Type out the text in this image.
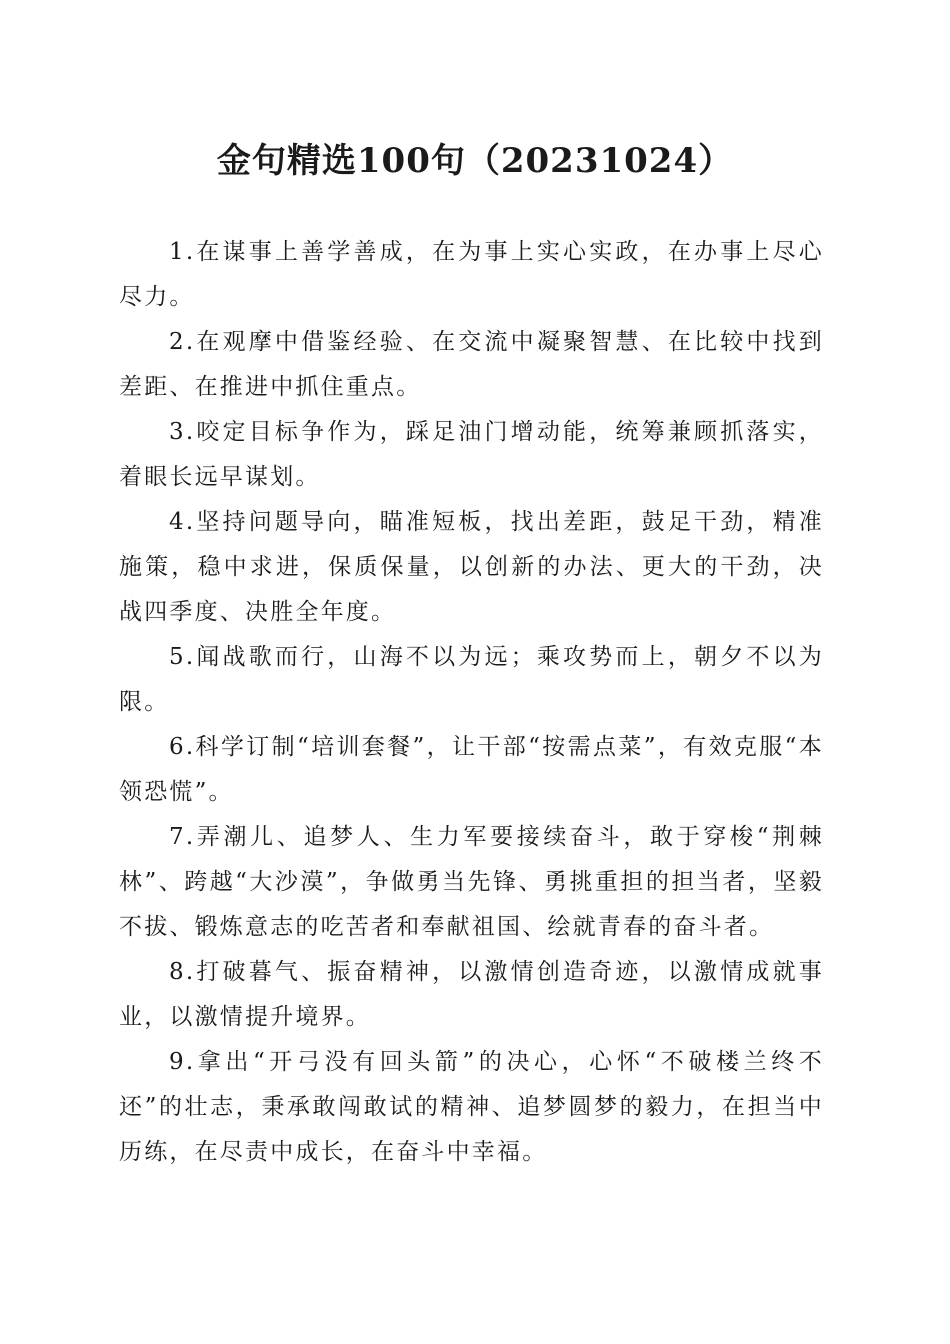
金句精选100句（20231024）

1.在谋事上善学善成，在为事上实心实政，在办事上尽心尽力。

2.在观摩中借鉴经验、在交流中凝聚智慧、在比较中找到差距、在推进中抓住重点。

3.咬定目标争作为，踩足油门增动能，统筹兼顾抓落实，着眼长远早谋划。

4.坚持问题导向，瞄准短板，找出差距，鼓足干劲，精准施策，稳中求进，保质保量，以创新的办法、更大的干劲，决战四季度、决胜全年度。

5.闻战歌而行，山海不以为远；乘攻势而上，朝夕不以为限。

6.科学订制“培训套餐”，让干部“按需点菜”，有效克服“本领恐慌”。

7.弄潮儿、追梦人、生力军要接续奋斗，敢于穿梭“荆棘林”、跨越“大沙漠”，争做勇当先锋、勇挑重担的担当者，坚毅不拔、锻炼意志的吃苦者和奉献祖国、绘就青春的奋斗者。

8.打破暮气、振奋精神，以激情创造奇迹，以激情成就事业，以激情提升境界。

9.拿出“开弓没有回头箭”的决心，心怀“不破楼兰终不还”的壮志，秉承敢闯敢试的精神、追梦圆梦的毅力，在担当中历练，在尽责中成长，在奋斗中幸福。
